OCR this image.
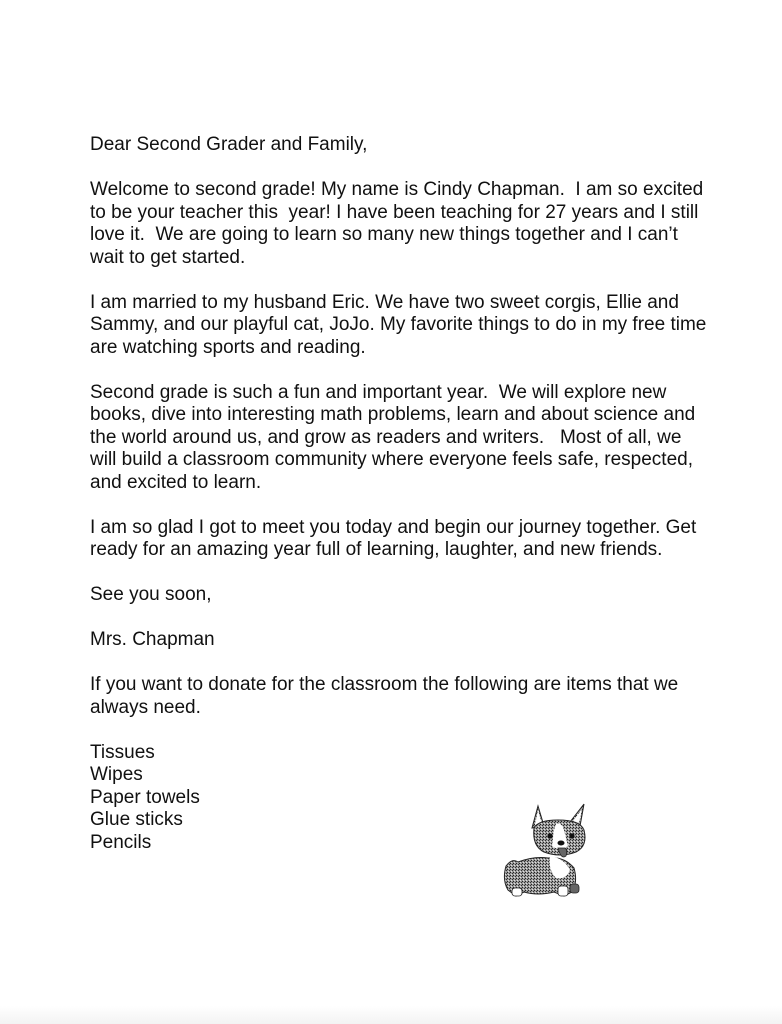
Dear Second Grader and Family,

Welcome to second grade! My name is Cindy Chapman.  I am so excited to be your teacher this  year! I have been teaching for 27 years and I still love it.  We are going to learn so many new things together and I can’t wait to get started.

I am married to my husband Eric. We have two sweet corgis, Ellie and Sammy, and our playful cat, JoJo. My favorite things to do in my free time are watching sports and reading.

Second grade is such a fun and important year.  We will explore new books, dive into interesting math problems, learn and about science and the world around us, and grow as readers and writers.   Most of all, we will build a classroom community where everyone feels safe, respected, and excited to learn.

I am so glad I got to meet you today and begin our journey together. Get ready for an amazing year full of learning, laughter, and new friends.

See you soon,

Mrs. Chapman

If you want to donate for the classroom the following are items that we always need.

Tissues
Wipes
Paper towels
Glue sticks
Pencils
